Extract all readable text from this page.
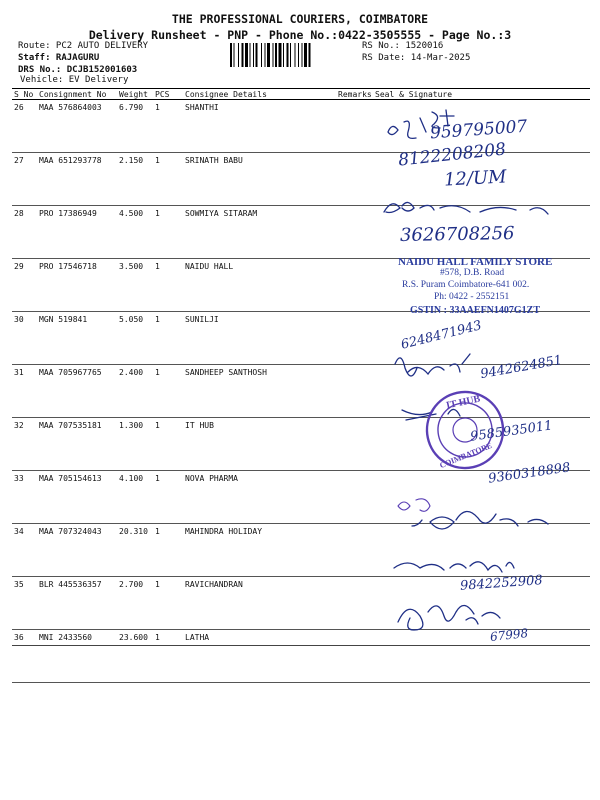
THE PROFESSIONAL COURIERS, COIMBATORE
Delivery Runsheet - PNP - Phone No.:0422-3505555 - Page No.:3
Route: PC2 AUTO DELIVERY
Staff: RAJAGURU
DRS No.: DCJB152001603
Vehicle: EV Delivery
RS No.: 1520016
RS Date: 14-Mar-2025
S No	Consignment No	Weight	PCS	Consignee Details	Remarks	Seal & Signature
26	MAA 576864003	6.790	1	SHANTHI		
27	MAA 651293778	2.150	1	SRINATH BABU		
28	PRO 17386949	4.500	1	SOWMIYA SITARAM		
29	PRO 17546718	3.500	1	NAIDU HALL		
30	MGN 519841	5.050	1	SUNILJI		
31	MAA 705967765	2.400	1	SANDHEEP SANTHOSH		
32	MAA 707535181	1.300	1	IT HUB		
33	MAA 705154613	4.100	1	NOVA PHARMA		
34	MAA 707324043	20.310	1	MAHINDRA HOLIDAY		
35	BLR 445536357	2.700	1	RAVICHANDRAN		
36	MNI 2433560	23.600	1	LATHA		
IT HUB
COIMBATORE
NAIDU HALL FAMILY STORE
#578, D.B. Road
R.S. Puram Coimbatore-641 002.
Ph: 0422 - 2552151
GSTIN : 33AAEFN1407G1ZT
959795007
8122208208
12/UM
3626708256
6248471943
9442624851
9585935011
9360318898
9842252908
67998
